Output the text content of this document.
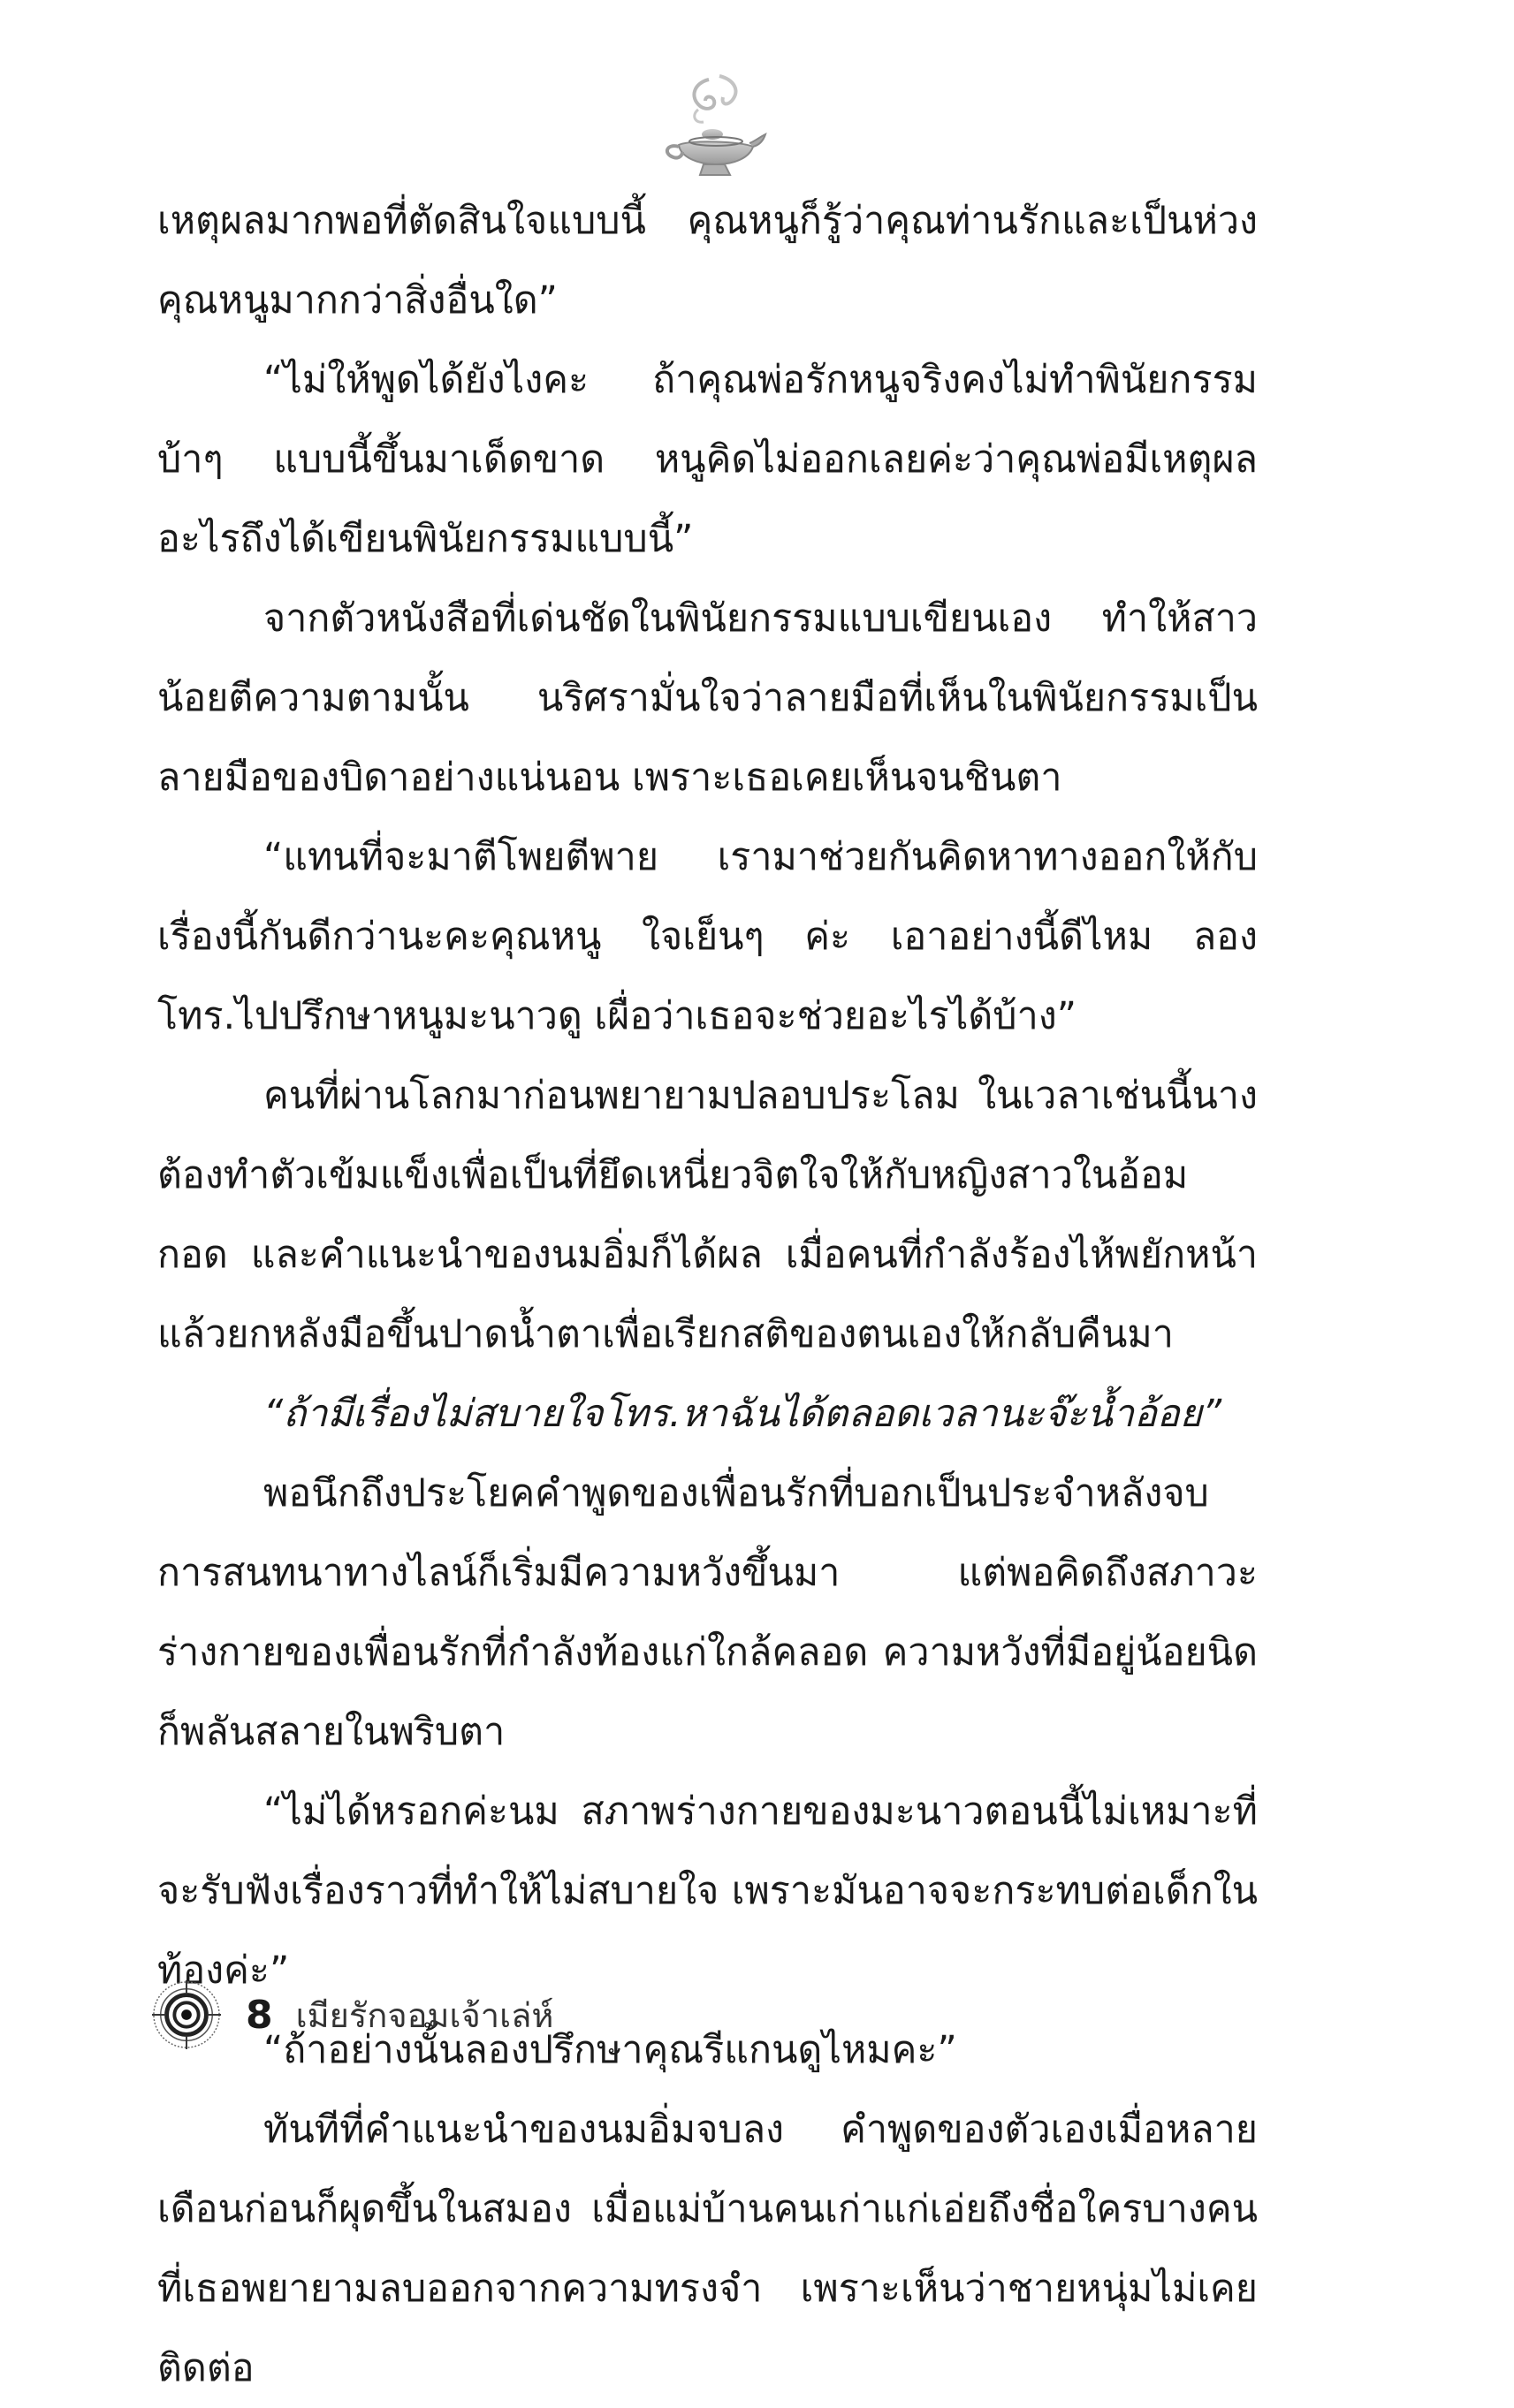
เหตุผลมากพอที่ตัดสินใจแบบนี้ คุณหนูก็รู้ว่าคุณท่านรักและเป็นห่วงคุณหนูมากกว่าสิ่งอื่นใด”

“ไม่ให้พูดได้ยังไงคะ ถ้าคุณพ่อรักหนูจริงคงไม่ทำพินัยกรรมบ้าๆ แบบนี้ขึ้นมาเด็ดขาด หนูคิดไม่ออกเลยค่ะว่าคุณพ่อมีเหตุผลอะไรถึงได้เขียนพินัยกรรมแบบนี้”

จากตัวหนังสือที่เด่นชัดในพินัยกรรมแบบเขียนเอง ทำให้สาวน้อยตีความตามนั้น นริศรามั่นใจว่าลายมือที่เห็นในพินัยกรรมเป็นลายมือของบิดาอย่างแน่นอน เพราะเธอเคยเห็นจนชินตา

“แทนที่จะมาตีโพยตีพาย เรามาช่วยกันคิดหาทางออกให้กับเรื่องนี้กันดีกว่านะคะคุณหนู ใจเย็นๆ ค่ะ เอาอย่างนี้ดีไหม ลองโทร.ไปปรึกษาหนูมะนาวดู เผื่อว่าเธอจะช่วยอะไรได้บ้าง”

คนที่ผ่านโลกมาก่อนพยายามปลอบประโลม ในเวลาเช่นนี้นางต้องทำตัวเข้มแข็งเพื่อเป็นที่ยึดเหนี่ยวจิตใจให้กับหญิงสาวในอ้อมกอด และคำแนะนำของนมอิ่มก็ได้ผล เมื่อคนที่กำลังร้องไห้พยักหน้าแล้วยกหลังมือขึ้นปาดน้ำตาเพื่อเรียกสติของตนเองให้กลับคืนมา

“ถ้ามีเรื่องไม่สบายใจโทร.หาฉันได้ตลอดเวลานะจ๊ะน้ำอ้อย”

พอนึกถึงประโยคคำพูดของเพื่อนรักที่บอกเป็นประจำหลังจบการสนทนาทางไลน์ก็เริ่มมีความหวังขึ้นมา แต่พอคิดถึงสภาวะร่างกายของเพื่อนรักที่กำลังท้องแก่ใกล้คลอด ความหวังที่มีอยู่น้อยนิดก็พลันสลายในพริบตา

“ไม่ได้หรอกค่ะนม สภาพร่างกายของมะนาวตอนนี้ไม่เหมาะที่จะรับฟังเรื่องราวที่ทำให้ไม่สบายใจ เพราะมันอาจจะกระทบต่อเด็กในท้องค่ะ”

“ถ้าอย่างนั้นลองปรึกษาคุณรีแกนดูไหมคะ”

ทันทีที่คำแนะนำของนมอิ่มจบลง คำพูดของตัวเองเมื่อหลายเดือนก่อนก็ผุดขึ้นในสมอง เมื่อแม่บ้านคนเก่าแก่เอ่ยถึงชื่อใครบางคนที่เธอพยายามลบออกจากความทรงจำ เพราะเห็นว่าชายหนุ่มไม่เคยติดต่อ

8 เมียรักจอมเจ้าเล่ห์
